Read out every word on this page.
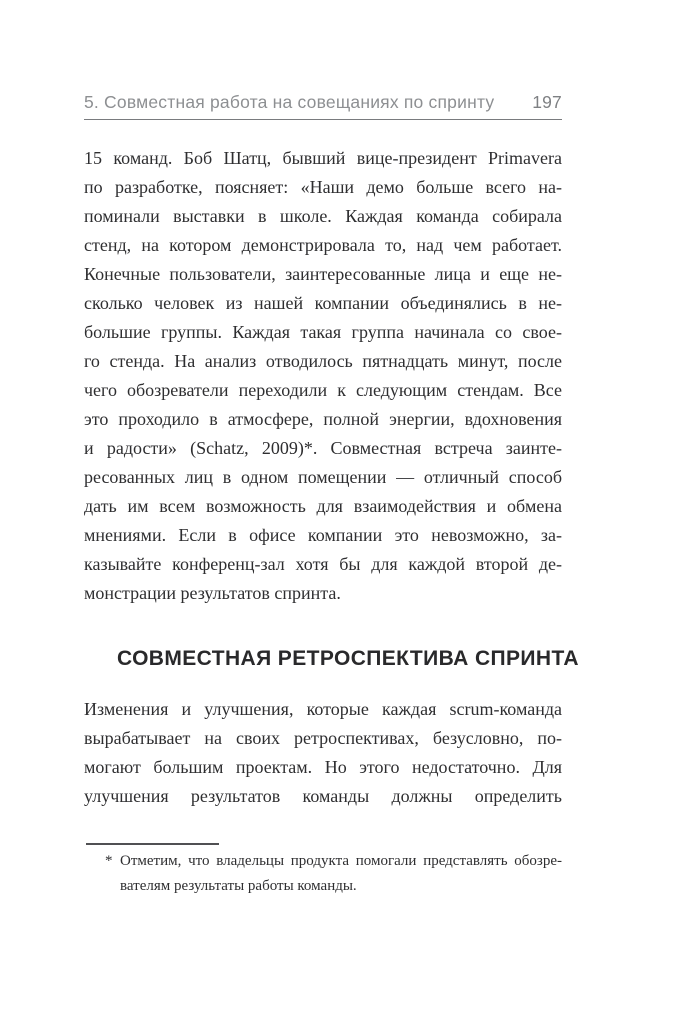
5. Совместная работа на совещаниях по спринту 197
15 команд. Боб Шатц, бывший вице-президент Primavera
по разработке, поясняет: «Наши демо больше всего на-
поминали выставки в школе. Каждая команда собирала
стенд, на котором демонстрировала то, над чем работает.
Конечные пользователи, заинтересованные лица и еще не-
сколько человек из нашей компании объединялись в не-
большие группы. Каждая такая группа начинала со свое-
го стенда. На анализ отводилось пятнадцать минут, после
чего обозреватели переходили к следующим стендам. Все
это проходило в атмосфере, полной энергии, вдохновения
и радости» (Schatz, 2009)*. Совместная встреча заинте-
ресованных лиц в одном помещении — отличный способ
дать им всем возможность для взаимодействия и обмена
мнениями. Если в офисе компании это невозможно, за-
казывайте конференц-зал хотя бы для каждой второй де-
монстрации результатов спринта.
СОВМЕСТНАЯ РЕТРОСПЕКТИВА СПРИНТА
Изменения и улучшения, которые каждая scrum-команда
вырабатывает на своих ретроспективах, безусловно, по-
могают большим проектам. Но этого недостаточно. Для
улучшения результатов команды должны определить
* Отметим, что владельцы продукта помогали представлять обозре-
вателям результаты работы команды.
